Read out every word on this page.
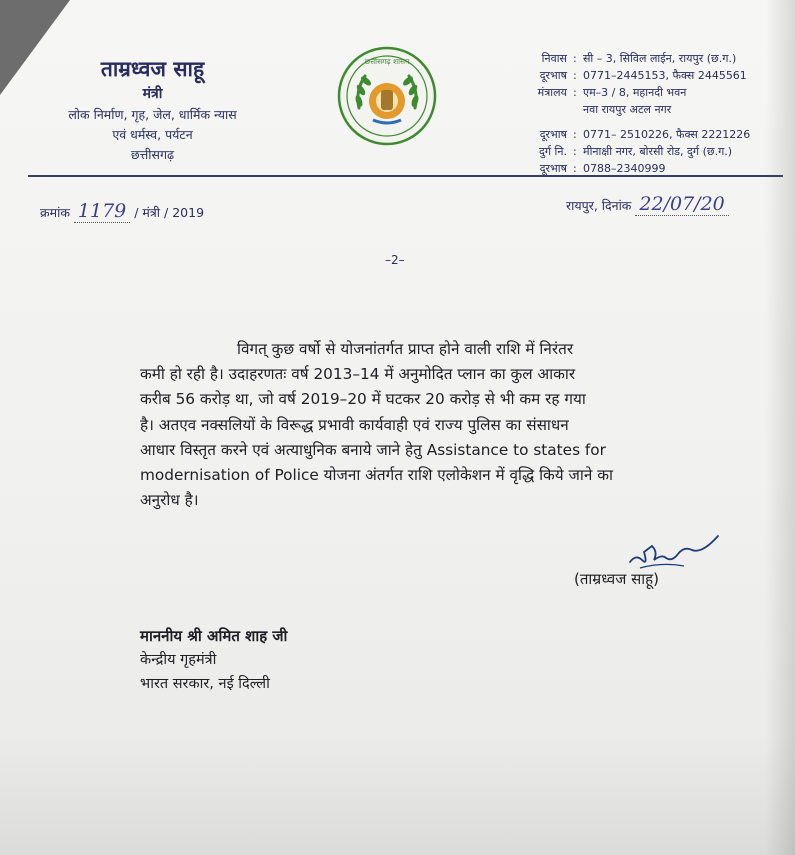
ताम्रध्वज साहू
मंत्री
लोक निर्माण, गृह, जेल, धार्मिक न्यास
एवं धर्मस्व, पर्यटन
छत्तीसगढ़
छत्तीसगढ़ शासन	निवास : सी – 3, सिविल लाईन, रायपुर (छ.ग.)
दूरभाष : 0771–2445153, फैक्स 2445561
मंत्रालय : एम–3 / 8, महानदी भवन
नवा रायपुर अटल नगर
दूरभाष : 0771– 2510226, फैक्स 2221226
दुर्ग नि. : मीनाक्षी नगर, बोरसी रोड, दुर्ग (छ.ग.)
दूरभाष : 0788–2340999
क्रमांक 1179 / मंत्री / 2019	रायपुर, दिनांक 22/07/20
–2–
विगत् कुछ वर्षो से योजनांतर्गत प्राप्त होने वाली राशि में निरंतर
कमी हो रही है। उदाहरणतः वर्ष 2013–14 में अनुमोदित प्लान का कुल आकार
करीब 56 करोड़ था, जो वर्ष 2019–20 में घटकर 20 करोड़ से भी कम रह गया
है। अतएव नक्सलियों के विरूद्ध प्रभावी कार्यवाही एवं राज्य पुलिस का संसाधन
आधार विस्तृत करने एवं अत्याधुनिक बनाये जाने हेतु Assistance to states for
modernisation of Police योजना अंतर्गत राशि एलोकेशन में वृद्धि किये जाने का
अनुरोध है।
(ताम्रध्वज साहू)
माननीय श्री अमित शाह जी
केन्द्रीय गृहमंत्री
भारत सरकार, नई दिल्ली
